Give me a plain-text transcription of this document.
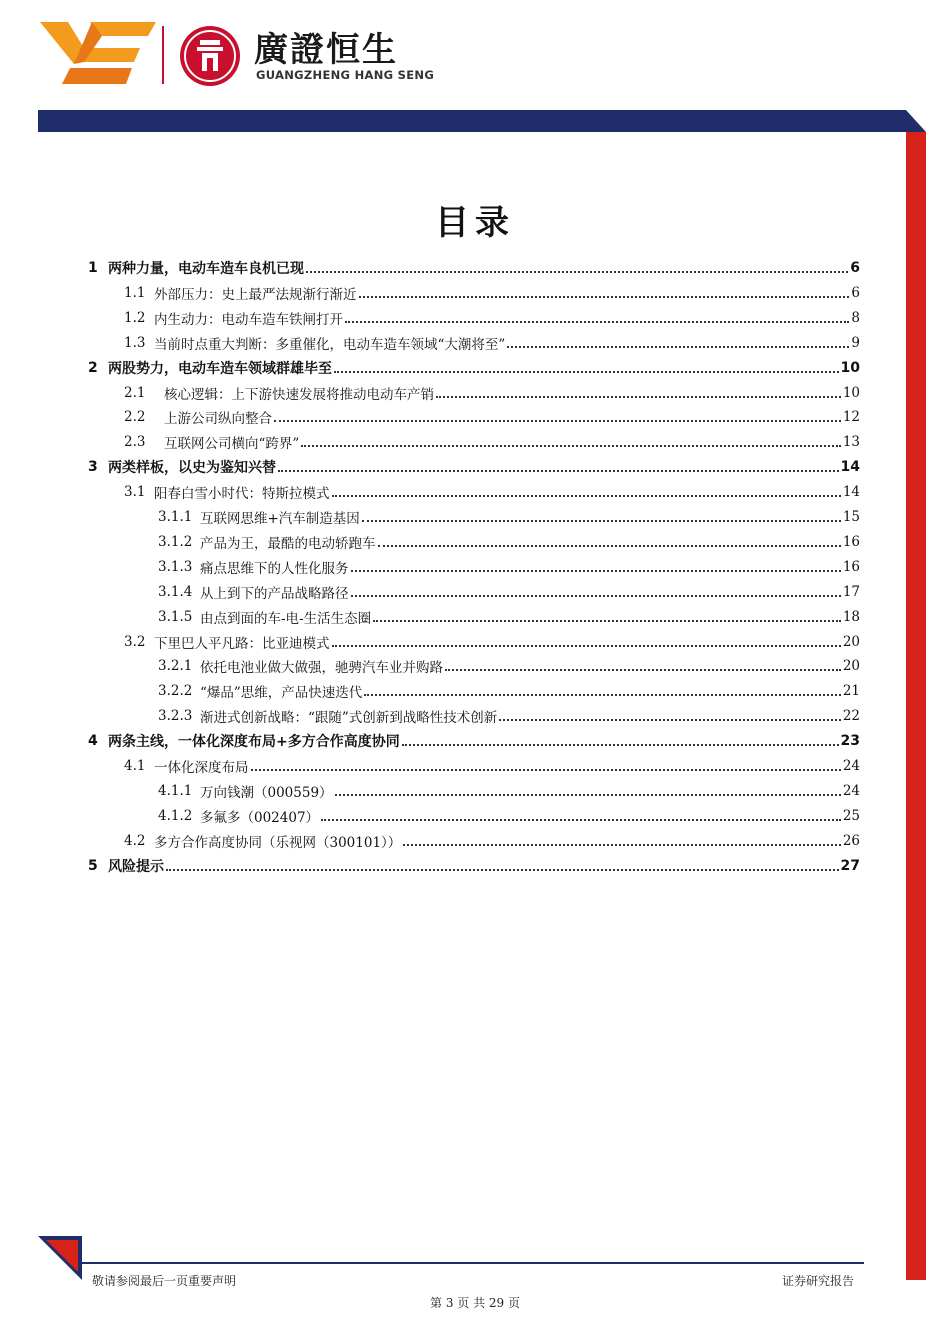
廣證恒生
GUANGZHENG HANG SENG
目录
1 两种力量，电动车造车良机已现	6
1.1 外部压力：史上最严法规渐行渐近	6
1.2 内生动力：电动车造车铁闸打开	8
1.3 当前时点重大判断：多重催化，电动车造车领域“大潮将至”	9
2 两股势力，电动车造车领域群雄毕至	10
2.1	核心逻辑：上下游快速发展将推动电动车产销	10
2.2	上游公司纵向整合	12
2.3	互联网公司横向“跨界”	13
3 两类样板，以史为鉴知兴替	14
3.1 阳春白雪小时代：特斯拉模式	14
3.1.1 互联网思维+汽车制造基因	15
3.1.2 产品为王，最酷的电动轿跑车	16
3.1.3 痛点思维下的人性化服务	16
3.1.4 从上到下的产品战略路径	17
3.1.5 由点到面的车-电-生活生态圈	18
3.2 下里巴人平凡路：比亚迪模式	20
3.2.1 依托电池业做大做强，驰骋汽车业并购路	20
3.2.2 “爆品”思维，产品快速迭代	21
3.2.3 渐进式创新战略：“跟随”式创新到战略性技术创新	22
4 两条主线，一体化深度布局+多方合作高度协同	23
4.1 一体化深度布局	24
4.1.1 万向钱潮（000559）	24
4.1.2 多氟多（002407）	25
4.2 多方合作高度协同（乐视网（300101））	26
5 风险提示	27
敬请参阅最后一页重要声明	证券研究报告
第 3 页 共 29 页
